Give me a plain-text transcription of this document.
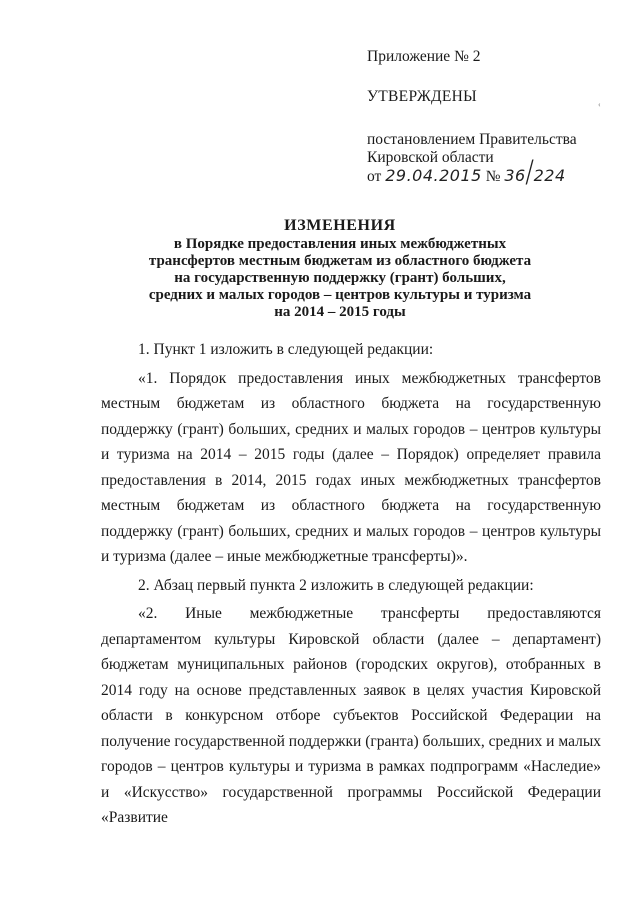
‹
Приложение № 2
УТВЕРЖДЕНЫ
постановлением Правительства
Кировской области
от 29.04.2015 № 36/224
ИЗМЕНЕНИЯ
в Порядке предоставления иных межбюджетных
трансфертов местным бюджетам из областного бюджета
на государственную поддержку (грант) больших,
средних и малых городов – центров культуры и туризма
на 2014 – 2015 годы

1. Пункт 1 изложить в следующей редакции:

«1. Порядок предоставления иных межбюджетных трансфертов местным бюджетам из областного бюджета на государственную поддержку (грант) больших, средних и малых городов – центров культуры и туризма на 2014 – 2015 годы (далее – Порядок) определяет правила предоставления в 2014, 2015 годах иных межбюджетных трансфертов местным бюджетам из областного бюджета на государственную поддержку (грант) больших, средних и малых городов – центров культуры и туризма (далее – иные межбюджетные трансферты)».

2. Абзац первый пункта 2 изложить в следующей редакции:

«2. Иные межбюджетные трансферты предоставляются департаментом культуры Кировской области (далее – департамент) бюджетам муниципальных районов (городских округов), отобранных в 2014 году на основе представленных заявок в целях участия Кировской области в конкурсном отборе субъектов Российской Федерации на получение государственной поддержки (гранта) больших, средних и малых городов – центров культуры и туризма в рамках подпрограмм «Наследие» и «Искусство» государственной программы Российской Федерации «Развитие
